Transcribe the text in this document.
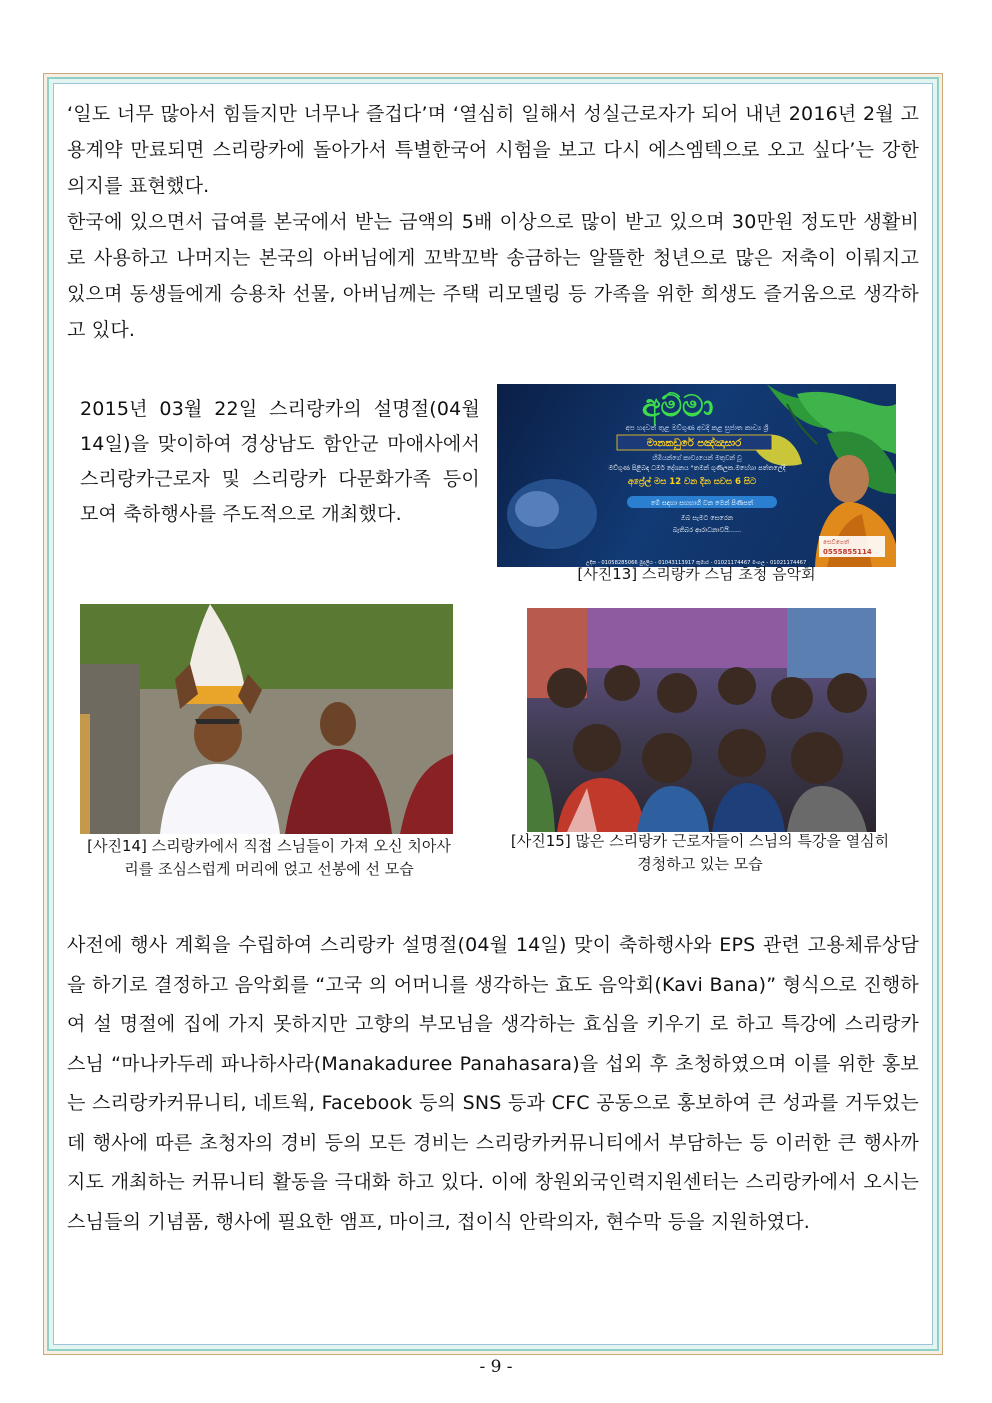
‘일도 너무 많아서 힘들지만 너무나 즐겁다’며 ‘열심히 일해서 성실근로자가 되어 내년 2016년 2월 고용계약 만료되면 스리랑카에 돌아가서 특별한국어 시험을 보고 다시 에스엠텍으로 오고 싶다’는 강한 의지를 표현했다.
한국에 있으면서 급여를 본국에서 받는 금액의 5배 이상으로 많이 받고 있으며 30만원 정도만 생활비로 사용하고 나머지는 본국의 아버님에게 꼬박꼬박 송금하는 알뜰한 청년으로 많은 저축이 이뤄지고 있으며 동생들에게 승용차 선물, 아버님께는 주택 리모델링 등 가족을 위한 희생도 즐거움으로 생각하고 있다.

2015년 03월 22일 스리랑카의 설명절(04월14일)을 맞이하여 경상남도 함안군 마애사에서 스리랑카근로자 및 스리랑카 다문화가족 등이 모여 축하행사를 주도적으로 개최했다.

අම්මා
අප හදවත් තුළ මව්ගුණ අවදි කළ සුජාත කාව්‍ය ශ්‍රී
මානකඩුරේ පඤ්ඤාසාර
හිමියන්ගේ කාව්‍යයෙන් මතුවන් වූ
මව්ගුණ පිළිබඳ ධර්ම දේශනය "තමන් ගුණිලක.මහේශා පත්තලේදී
අප්‍රේල් මස 12 වන දින සවස 6 සිට
මේ සඳහා සහභාගී වන මෙන් පිණිසත්
ඔබ සැමට සෙරෙන
බැතිබර ආරාධනාවයි......
සෙව්ගෙත්
0555855114
උදිත - 01058285066 මුදලිය - 01043113917 කුමාර - 01021174467 මංගල - 01021174467

[사진13] 스리랑카 스님 초청 음악회

[사진14] 스리랑카에서 직접 스님들이 가져 오신 치아사리를 조심스럽게 머리에 얹고 선봉에 선 모습

[사진15] 많은 스리랑카 근로자들이 스님의 특강을 열심히 경청하고 있는 모습

사전에 행사 계획을 수립하여 스리랑카 설명절(04월 14일) 맞이 축하행사와 EPS 관련 고용체류상담을 하기로 결정하고 음악회를 “고국 의 어머니를 생각하는 효도 음악회(Kavi Bana)” 형식으로 진행하여 설 명절에 집에 가지 못하지만 고향의 부모님을 생각하는 효심을 키우기 로 하고 특강에 스리랑카 스님 “마나카두레 파나하사라(Manakaduree Panahasara)을 섭외 후 초청하였으며 이를 위한 홍보는 스리랑카커뮤니티, 네트웍, Facebook 등의 SNS 등과 CFC 공동으로 홍보하여 큰 성과를 거두었는데 행사에 따른 초청자의 경비 등의 모든 경비는 스리랑카커뮤니티에서 부담하는 등 이러한 큰 행사까지도 개최하는 커뮤니티 활동을 극대화 하고 있다. 이에 창원외국인력지원센터는 스리랑카에서 오시는 스님들의 기념품, 행사에 필요한 앰프, 마이크, 접이식 안락의자, 현수막 등을 지원하였다.

- 9 -
